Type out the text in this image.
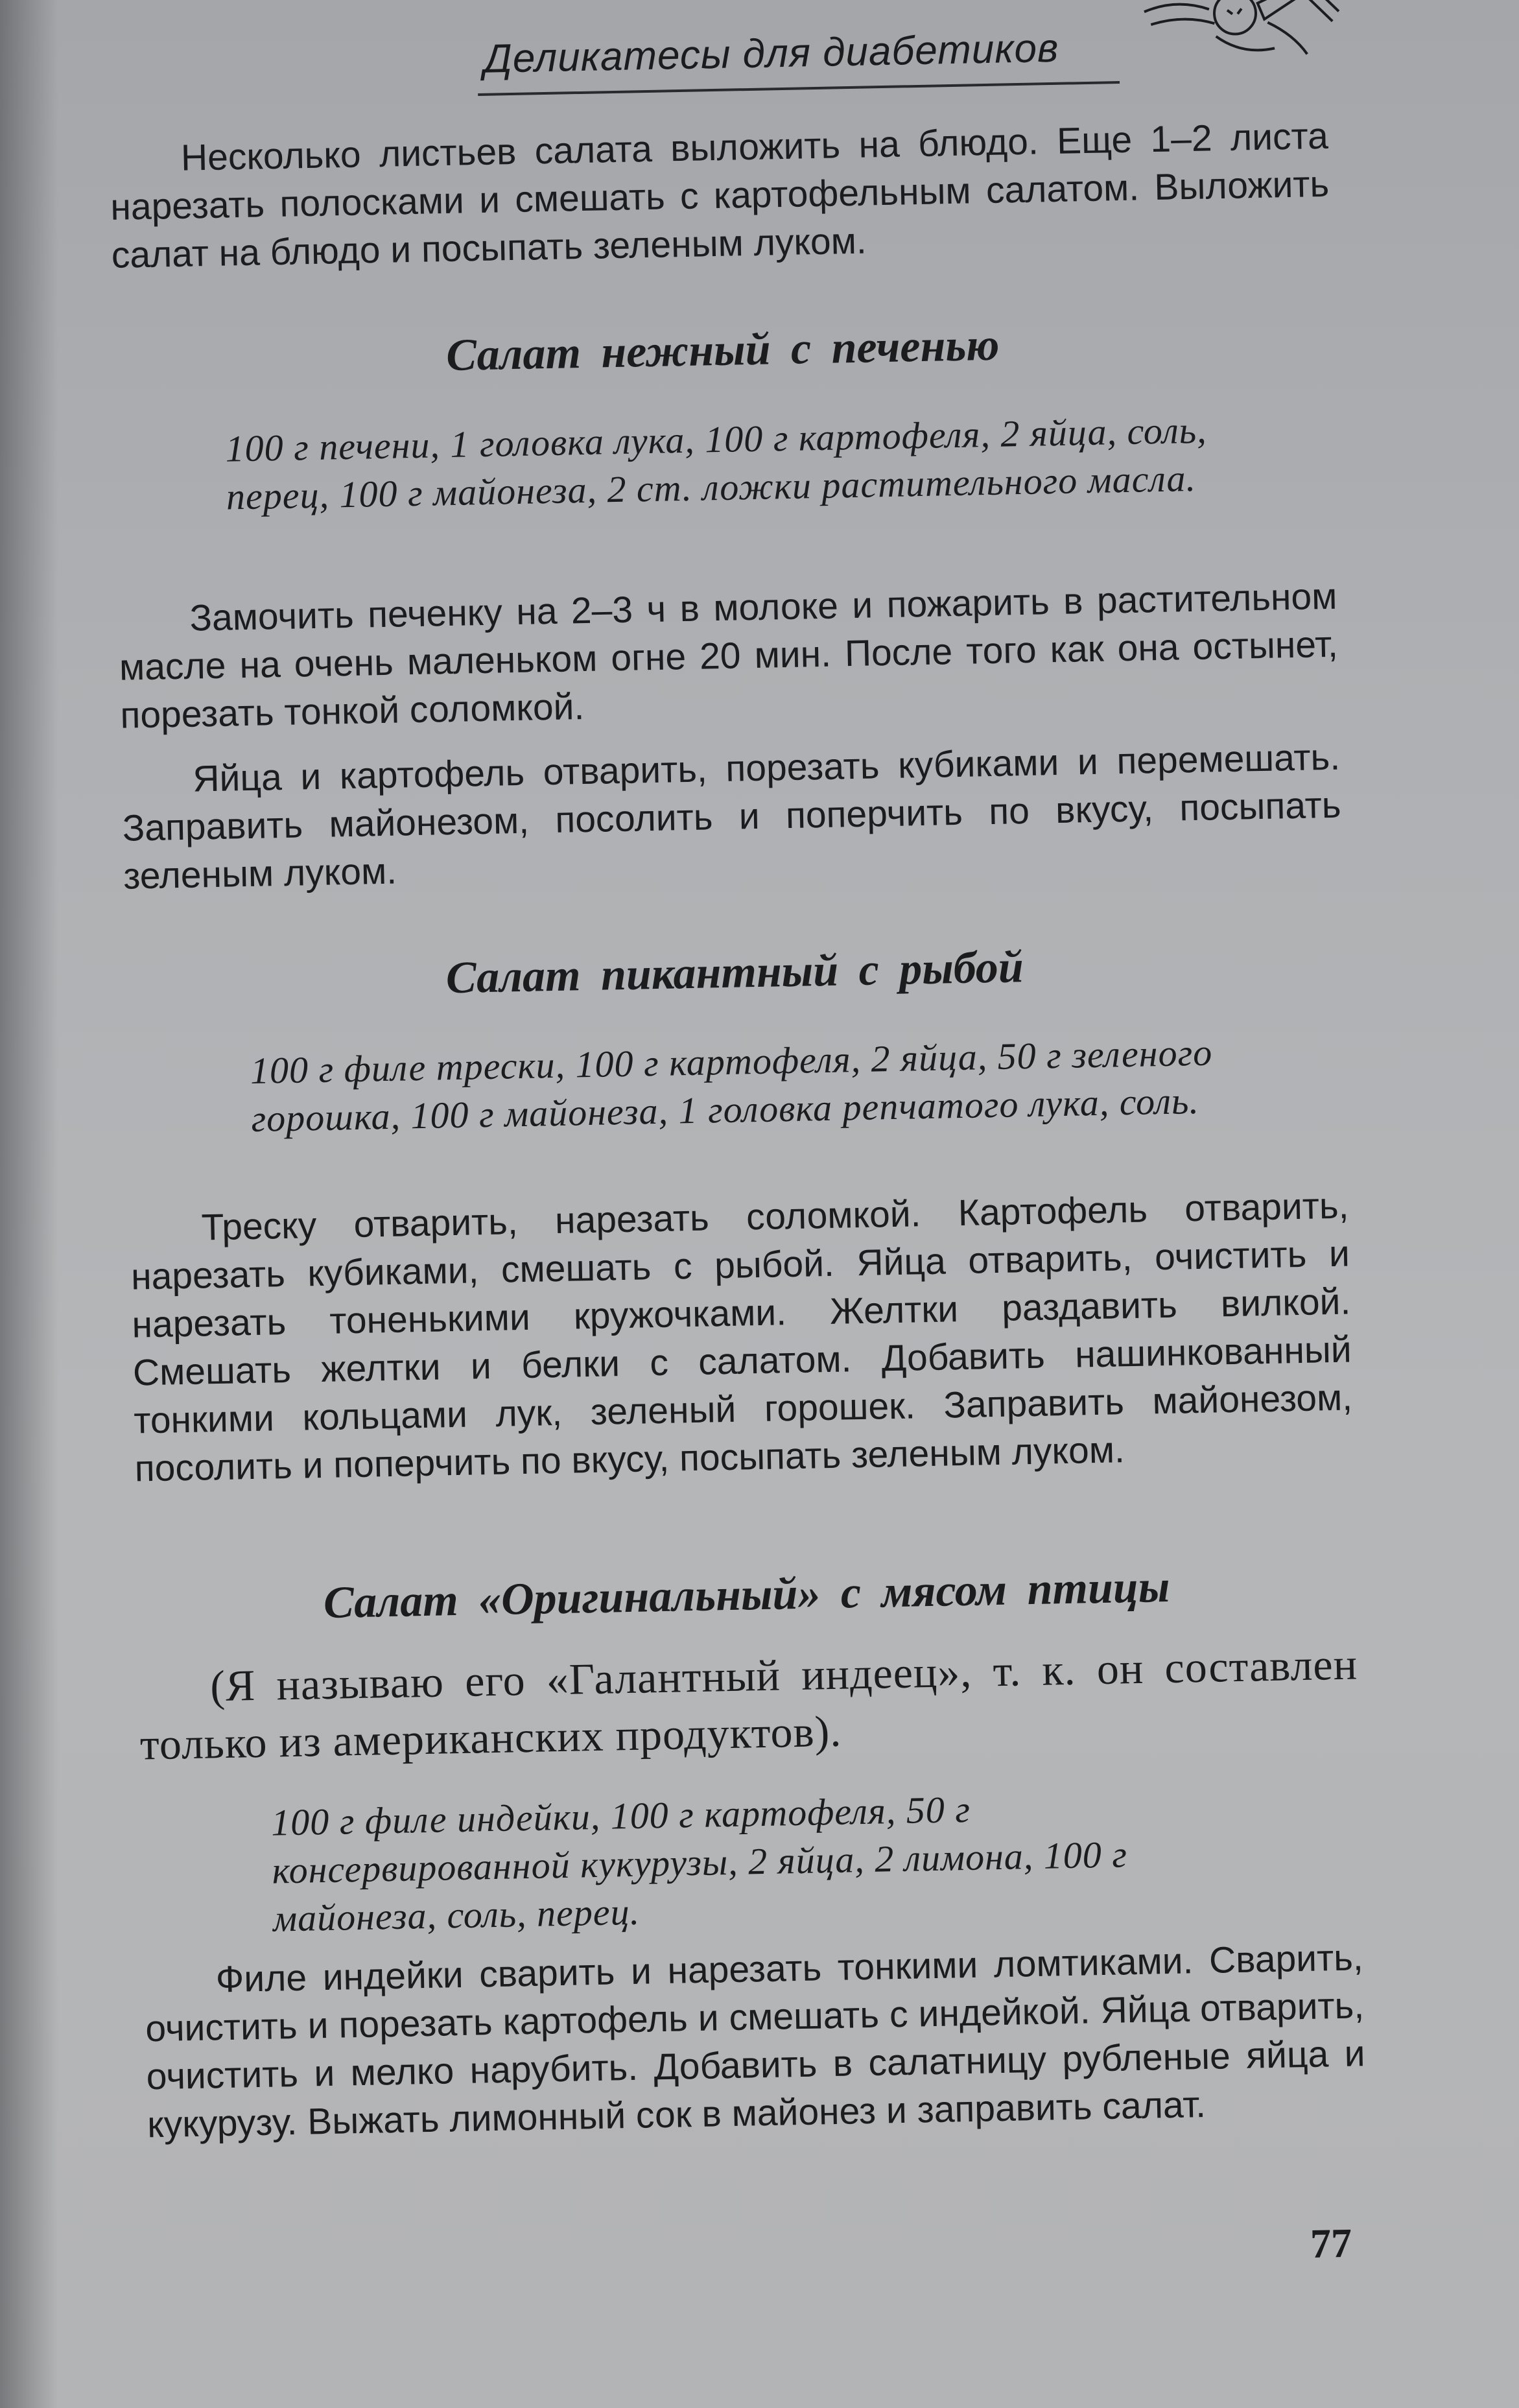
Деликатесы для диабетиков

Несколько листьев салата выложить на блюдо. Еще 1–2 листа нарезать полосками и смешать с картофельным салатом. Выложить салат на блюдо и посыпать зеленым луком.

Салат нежный с печенью

100 г печени, 1 головка лука, 100 г картофеля, 2 яйца, соль, перец, 100 г майонеза, 2 ст. ложки растительного масла.

Замочить печенку на 2–3 ч в молоке и пожарить в растительном масле на очень маленьком огне 20 мин. После того как она остынет, порезать тонкой соломкой.

Яйца и картофель отварить, порезать кубиками и перемешать. Заправить майонезом, посолить и поперчить по вкусу, посыпать зеленым луком.

Салат пикантный с рыбой

100 г филе трески, 100 г картофеля, 2 яйца, 50 г зеленого горошка, 100 г майонеза, 1 головка репчатого лука, соль.

Треску отварить, нарезать соломкой. Картофель отварить, нарезать кубиками, смешать с рыбой. Яйца отварить, очистить и нарезать тоненькими кружочками. Желтки раздавить вилкой. Смешать желтки и белки с салатом. Добавить нашинкованный тонкими кольцами лук, зеленый горошек. Заправить майонезом, посолить и поперчить по вкусу, посыпать зеленым луком.

Салат «Оригинальный» с мясом птицы

(Я называю его «Галантный индеец», т. к. он составлен только из американских продуктов).

100 г филе индейки, 100 г картофеля, 50 г консервированной кукурузы, 2 яйца, 2 лимона, 100 г майонеза, соль, перец.

Филе индейки сварить и нарезать тонкими ломтиками. Сварить, очистить и порезать картофель и смешать с индейкой. Яйца отварить, очистить и мелко нарубить. Добавить в салатницу рубленые яйца и кукурузу. Выжать лимонный сок в майонез и заправить салат.

77
